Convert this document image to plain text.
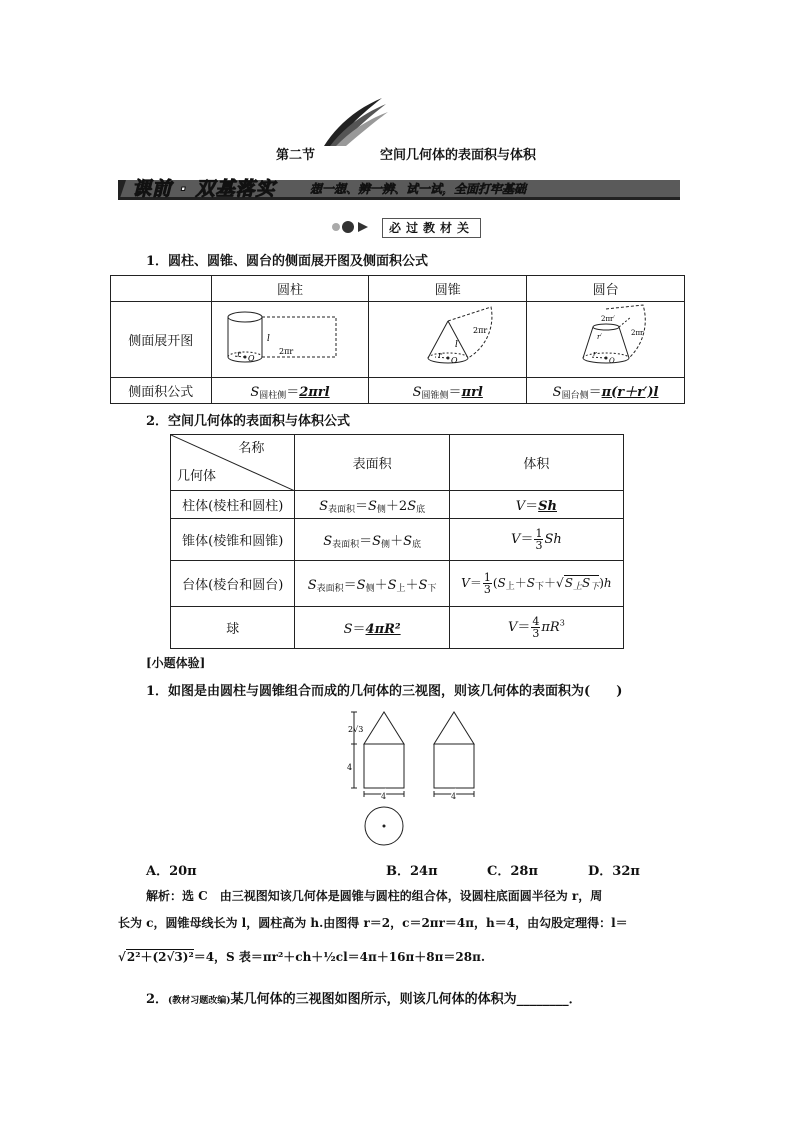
第二节	空间几何体的表面积与体积
课前 · 双基落实	想一想、辨一辨、试一试，全面打牢基础
必过教材关
1．圆柱、圆锥、圆台的侧面展开图及侧面积公式
	圆柱	圆锥	圆台
侧面展开图	l
2πr
r O	2πr
l
r
O	2πr′
2πr
r′
r
O

侧面积公式	$S_{圆柱侧}=2\pi rl$	$S_{圆锥侧}=\pi rl$	$S_{圆台侧}=\pi(r+r')l$
2．空间几何体的表面积与体积公式
名称
几何体	表面积	体积
柱体(棱柱和圆柱)	$S_{表面积}=S_侧+2S_底$	V＝Sh
锥体(棱锥和圆锥)	$S_{表面积}=S_侧+S_底$	$V= \frac{1}{3}$ Sh
台体(棱台和圆台)	$S_{表面积}=S_侧+S_上+S_下$	$V= \frac{1}{3} (S_上+S_下+√S_上S_下)h$
球	S＝4πR²	$V= \frac{4}{3} \pi R^3$
[小题体验]
1．如图是由圆柱与圆锥组合而成的几何体的三视图，则该几何体的表面积为(　　)
2√3
4
4	4
A．20π	B．24π	C．28π	D．32π
解析：选 C　由三视图知该几何体是圆锥与圆柱的组合体，设圆柱底面圆半径为 r，周
长为 c，圆锥母线长为 l，圆柱高为 h.由图得 r＝2，c＝2πr＝4π，h＝4，由勾股定理得：l＝
√2²＋(2√3)²＝4，S 表＝πr²＋ch＋½cl＝4π＋16π＋8π＝28π.
2．(教材习题改编)某几何体的三视图如图所示，则该几何体的体积为________．
